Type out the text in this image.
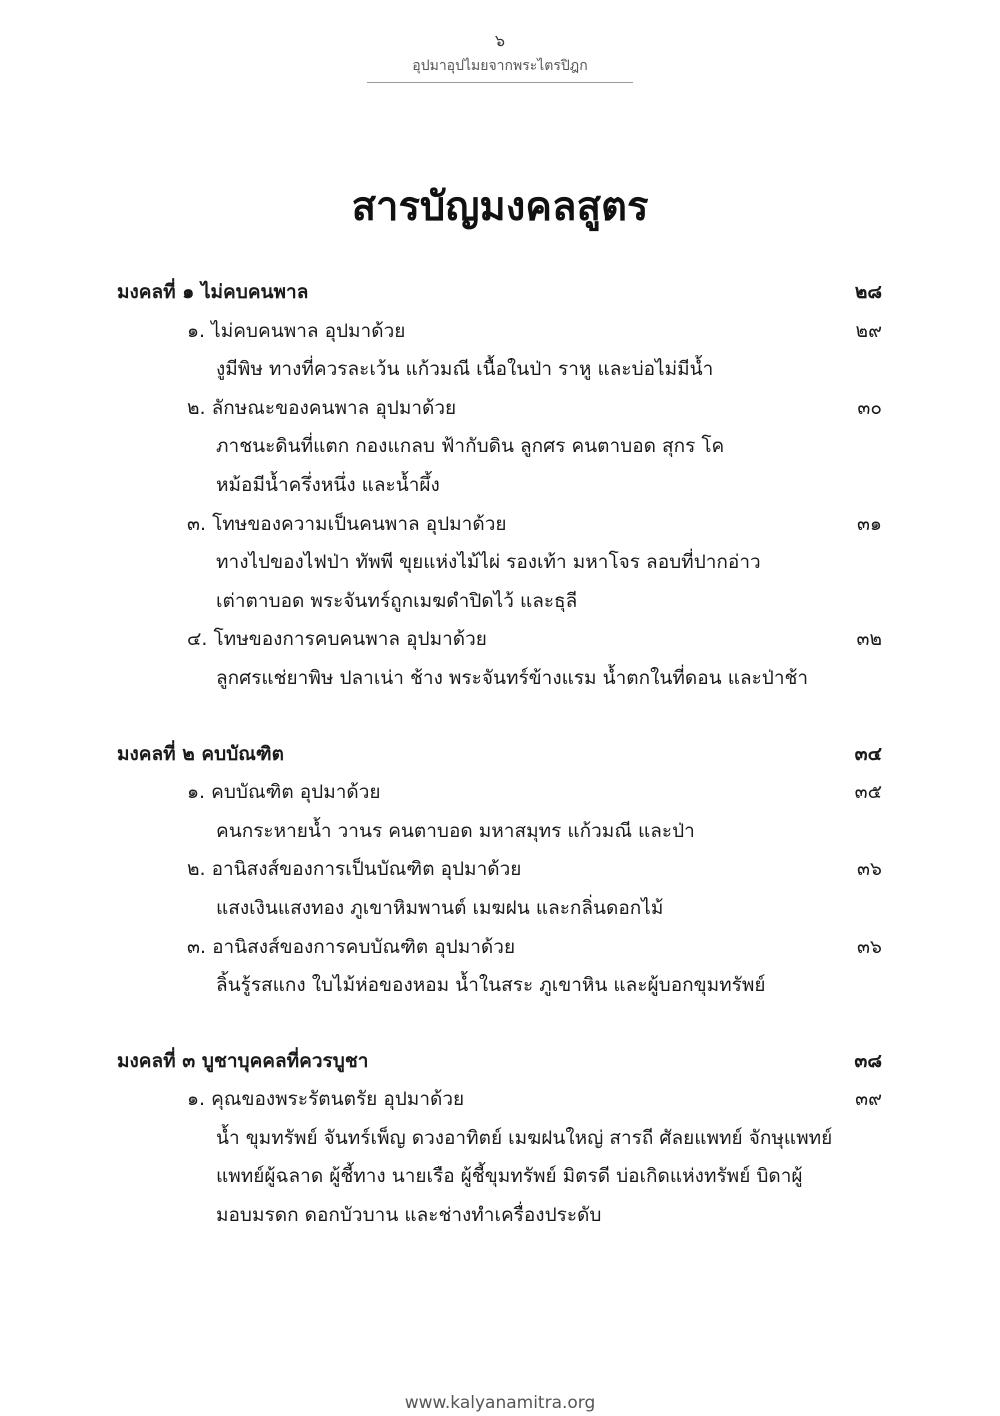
๖
อุปมาอุปไมยจากพระไตรปิฎก
สารบัญมงคลสูตร
มงคลที่ ๑ ไม่คบคนพาล	๒๘
๑. ไม่คบคนพาล อุปมาด้วย	๒๙
งูมีพิษ ทางที่ควรละเว้น แก้วมณี เนื้อในป่า ราหู และบ่อไม่มีน้ำ
๒. ลักษณะของคนพาล อุปมาด้วย	๓๐
ภาชนะดินที่แตก กองแกลบ ฟ้ากับดิน ลูกศร คนตาบอด สุกร โค
หม้อมีน้ำครึ่งหนึ่ง และน้ำผึ้ง
๓. โทษของความเป็นคนพาล อุปมาด้วย	๓๑
ทางไปของไฟป่า ทัพพี ขุยแห่งไม้ไผ่ รองเท้า มหาโจร ลอบที่ปากอ่าว
เต่าตาบอด พระจันทร์ถูกเมฆดำปิดไว้ และธุลี
๔. โทษของการคบคนพาล อุปมาด้วย	๓๒
ลูกศรแช่ยาพิษ ปลาเน่า ช้าง พระจันทร์ข้างแรม น้ำตกในที่ดอน และป่าช้า
มงคลที่ ๒ คบบัณฑิต	๓๔
๑. คบบัณฑิต อุปมาด้วย	๓๕
คนกระหายน้ำ วานร คนตาบอด มหาสมุทร แก้วมณี และป่า
๒. อานิสงส์ของการเป็นบัณฑิต อุปมาด้วย	๓๖
แสงเงินแสงทอง ภูเขาหิมพานต์ เมฆฝน และกลิ่นดอกไม้
๓. อานิสงส์ของการคบบัณฑิต อุปมาด้วย	๓๖
ลิ้นรู้รสแกง ใบไม้ห่อของหอม น้ำในสระ ภูเขาหิน และผู้บอกขุมทรัพย์
มงคลที่ ๓ บูชาบุคคลที่ควรบูชา	๓๘
๑. คุณของพระรัตนตรัย อุปมาด้วย	๓๙
น้ำ ขุมทรัพย์ จันทร์เพ็ญ ดวงอาทิตย์ เมฆฝนใหญ่ สารถี ศัลยแพทย์ จักษุแพทย์
แพทย์ผู้ฉลาด ผู้ชี้ทาง นายเรือ ผู้ชี้ขุมทรัพย์ มิตรดี บ่อเกิดแห่งทรัพย์ บิดาผู้
มอบมรดก ดอกบัวบาน และช่างทำเครื่องประดับ
www.kalyanamitra.org
